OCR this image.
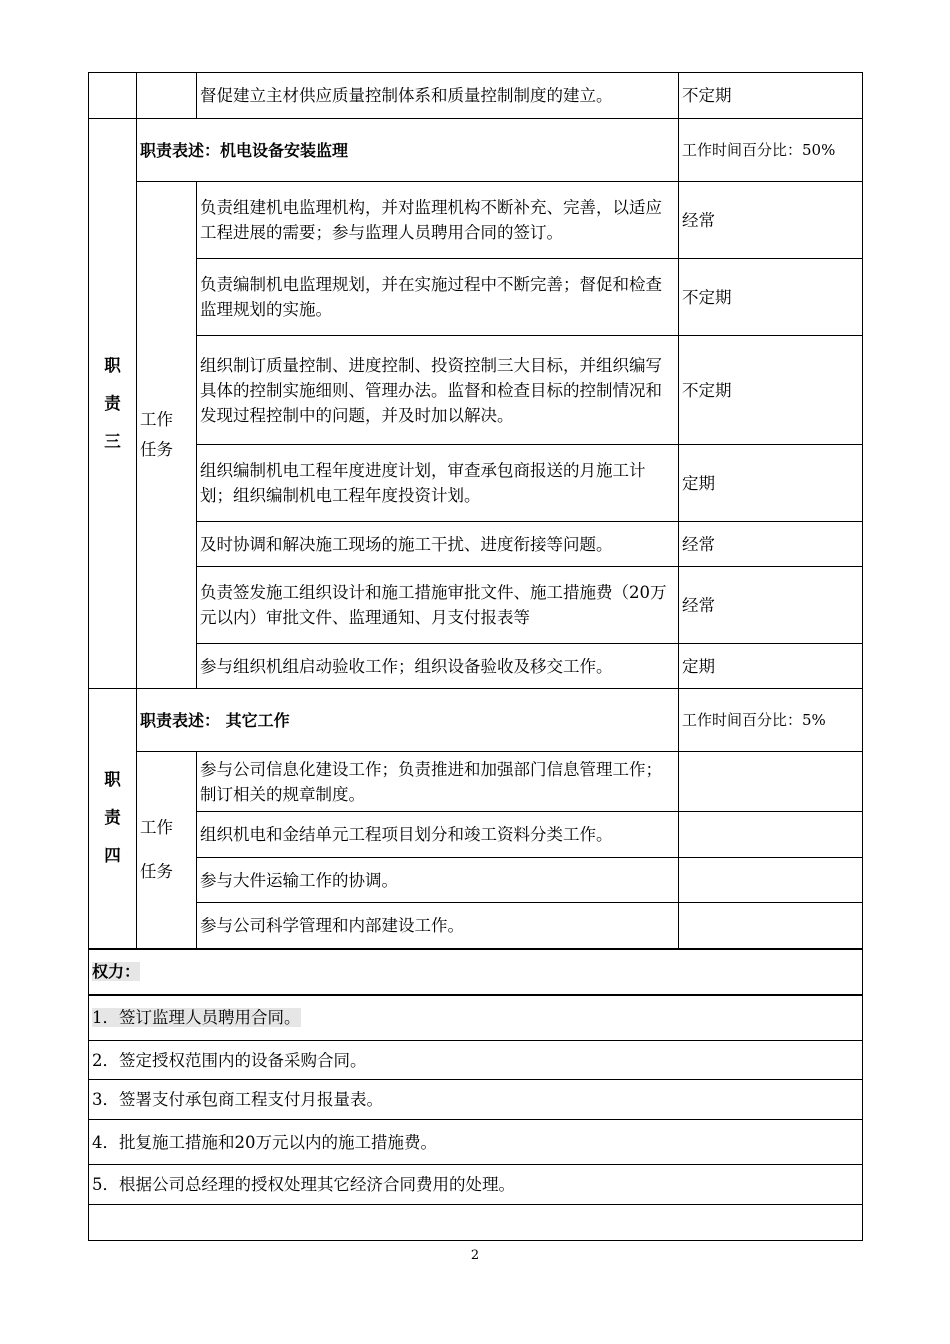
		督促建立主材供应质量控制体系和质量控制制度的建立。	不定期
职
责
三	职责表述：机电设备安装监理		工作时间百分比：50%
	工作任务	负责组建机电监理机构，并对监理机构不断补充、完善，以适应工程进展的需要；参与监理人员聘用合同的签订。	经常
		负责编制机电监理规划，并在实施过程中不断完善；督促和检查监理规划的实施。	不定期
		组织制订质量控制、进度控制、投资控制三大目标，并组织编写具体的控制实施细则、管理办法。监督和检查目标的控制情况和发现过程控制中的问题，并及时加以解决。	不定期
		组织编制机电工程年度进度计划，审查承包商报送的月施工计划；组织编制机电工程年度投资计划。	定期
		及时协调和解决施工现场的施工干扰、进度衔接等问题。	经常
		负责签发施工组织设计和施工措施审批文件、施工措施费（20万元以内）审批文件、监理通知、月支付报表等	经常
		参与组织机组启动验收工作；组织设备验收及移交工作。	定期
职
责
四	职责表述： 其它工作		工作时间百分比：5%
	工作任务	参与公司信息化建设工作；负责推进和加强部门信息管理工作；制订相关的规章制度。	
		组织机电和金结单元工程项目划分和竣工资料分类工作。	
		参与大件运输工作的协调。	
		参与公司科学管理和内部建设工作。	
权力：			
1．签订监理人员聘用合同。			
2．签定授权范围内的设备采购合同。			
3．签署支付承包商工程支付月报量表。			
4．批复施工措施和20万元以内的施工措施费。			
5．根据公司总经理的授权处理其它经济合同费用的处理。			

2
